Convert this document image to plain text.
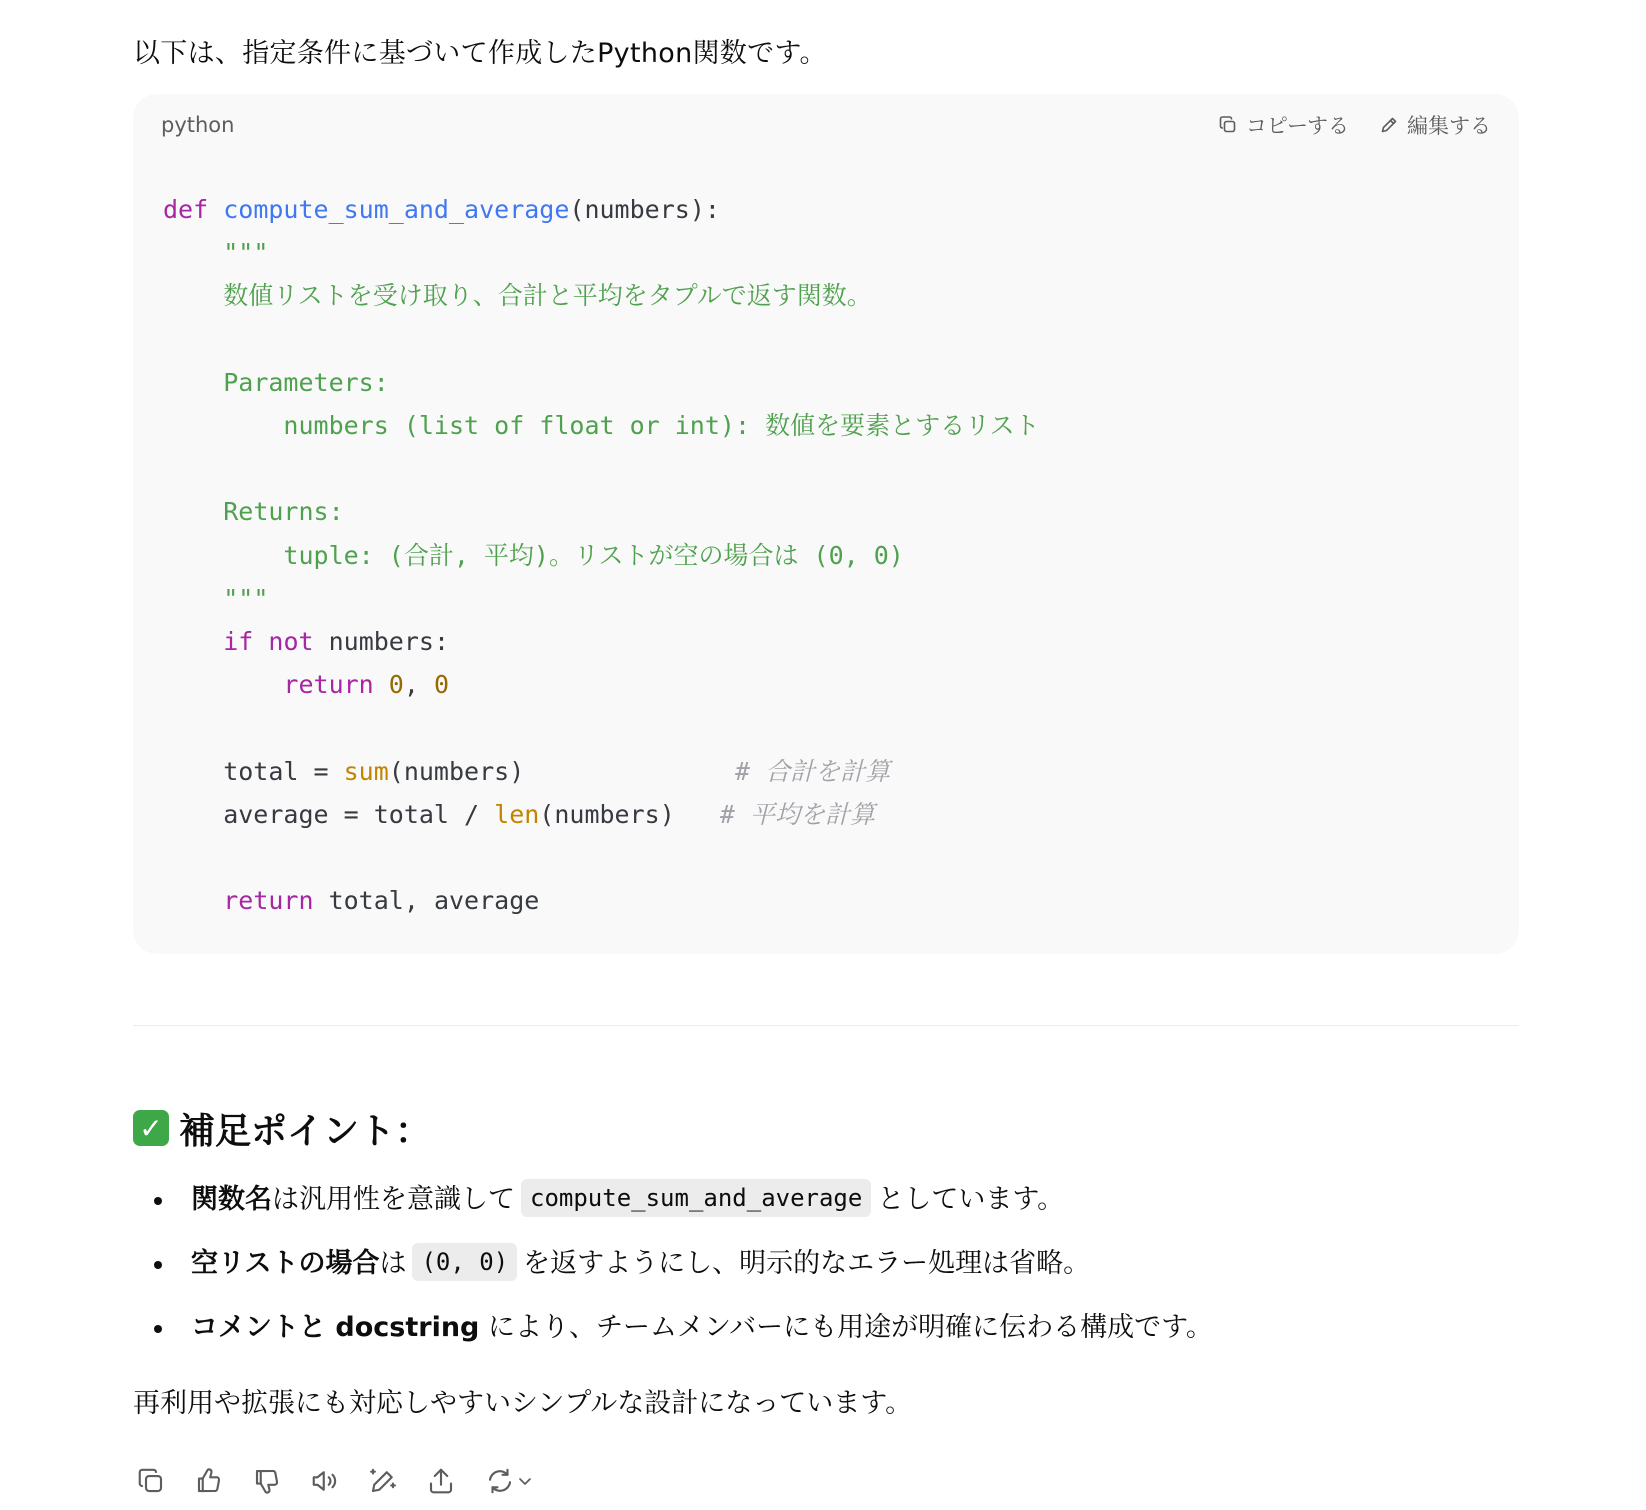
以下は、指定条件に基づいて作成したPython関数です。
python	コピーする	編集する
def compute_sum_and_average(numbers):
"""
数値リストを受け取り、合計と平均をタプルで返す関数。

Parameters:
numbers (list of float or int): 数値を要素とするリスト

Returns:
tuple: (合計, 平均)。リストが空の場合は (0, 0)
"""
if not numbers:
return 0, 0

total = sum(numbers)              # 合計を計算
average = total / len(numbers)   # 平均を計算

return total, average
✓ 補足ポイント：
関数名は汎用性を意識して compute_sum_and_average としています。
空リストの場合は (0, 0) を返すようにし、明示的なエラー処理は省略。
コメントと docstring により、チームメンバーにも用途が明確に伝わる構成です。
再利用や拡張にも対応しやすいシンプルな設計になっています。
